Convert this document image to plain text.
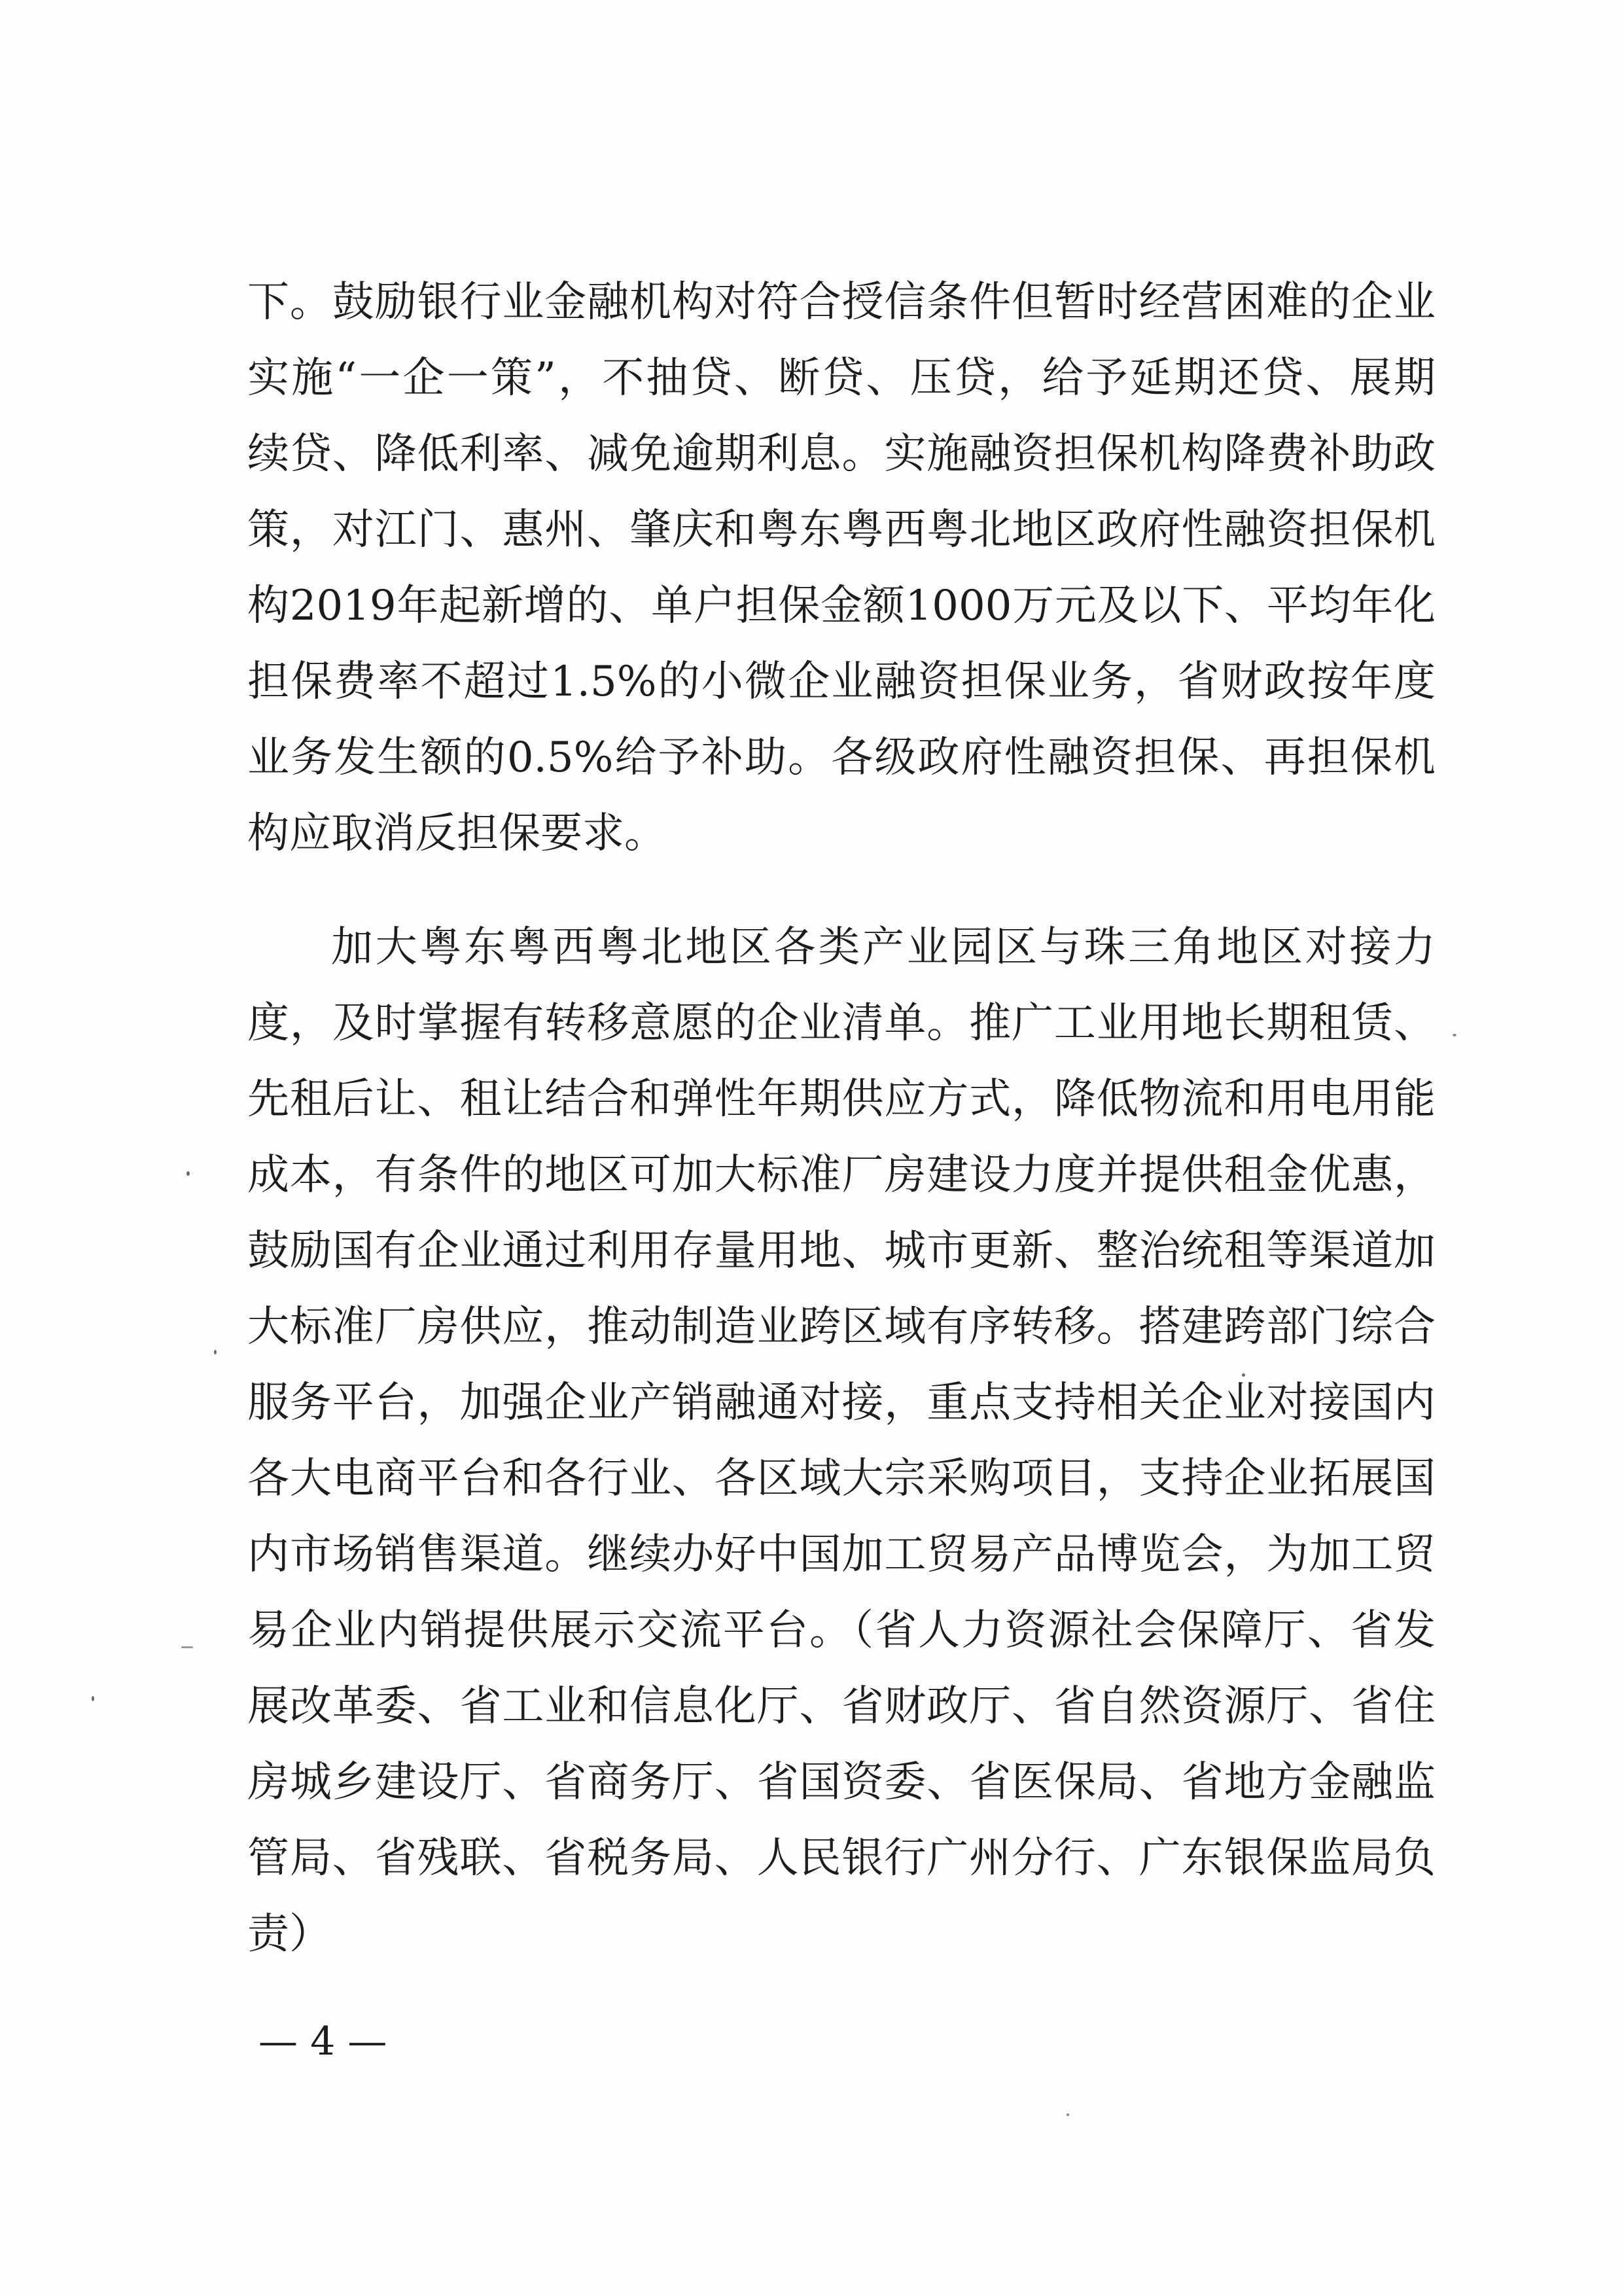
下。鼓励银行业金融机构对符合授信条件但暂时经营困难的企业
实施“一企一策”，不抽贷、断贷、压贷，给予延期还贷、展期
续贷、降低利率、减免逾期利息。实施融资担保机构降费补助政
策，对江门、惠州、肇庆和粤东粤西粤北地区政府性融资担保机
构2019年起新增的、单户担保金额1000万元及以下、平均年化
担保费率不超过1.5%的小微企业融资担保业务，省财政按年度
业务发生额的0.5%给予补助。各级政府性融资担保、再担保机
构应取消反担保要求。
加大粤东粤西粤北地区各类产业园区与珠三角地区对接力
度，及时掌握有转移意愿的企业清单。推广工业用地长期租赁、
先租后让、租让结合和弹性年期供应方式，降低物流和用电用能
成本，有条件的地区可加大标准厂房建设力度并提供租金优惠，
鼓励国有企业通过利用存量用地、城市更新、整治统租等渠道加
大标准厂房供应，推动制造业跨区域有序转移。搭建跨部门综合
服务平台，加强企业产销融通对接，重点支持相关企业对接国内
各大电商平台和各行业、各区域大宗采购项目，支持企业拓展国
内市场销售渠道。继续办好中国加工贸易产品博览会，为加工贸
易企业内销提供展示交流平台。（省人力资源社会保障厅、省发
展改革委、省工业和信息化厅、省财政厅、省自然资源厅、省住
房城乡建设厅、省商务厅、省国资委、省医保局、省地方金融监
管局、省残联、省税务局、人民银行广州分行、广东银保监局负
责）
— 4 —
